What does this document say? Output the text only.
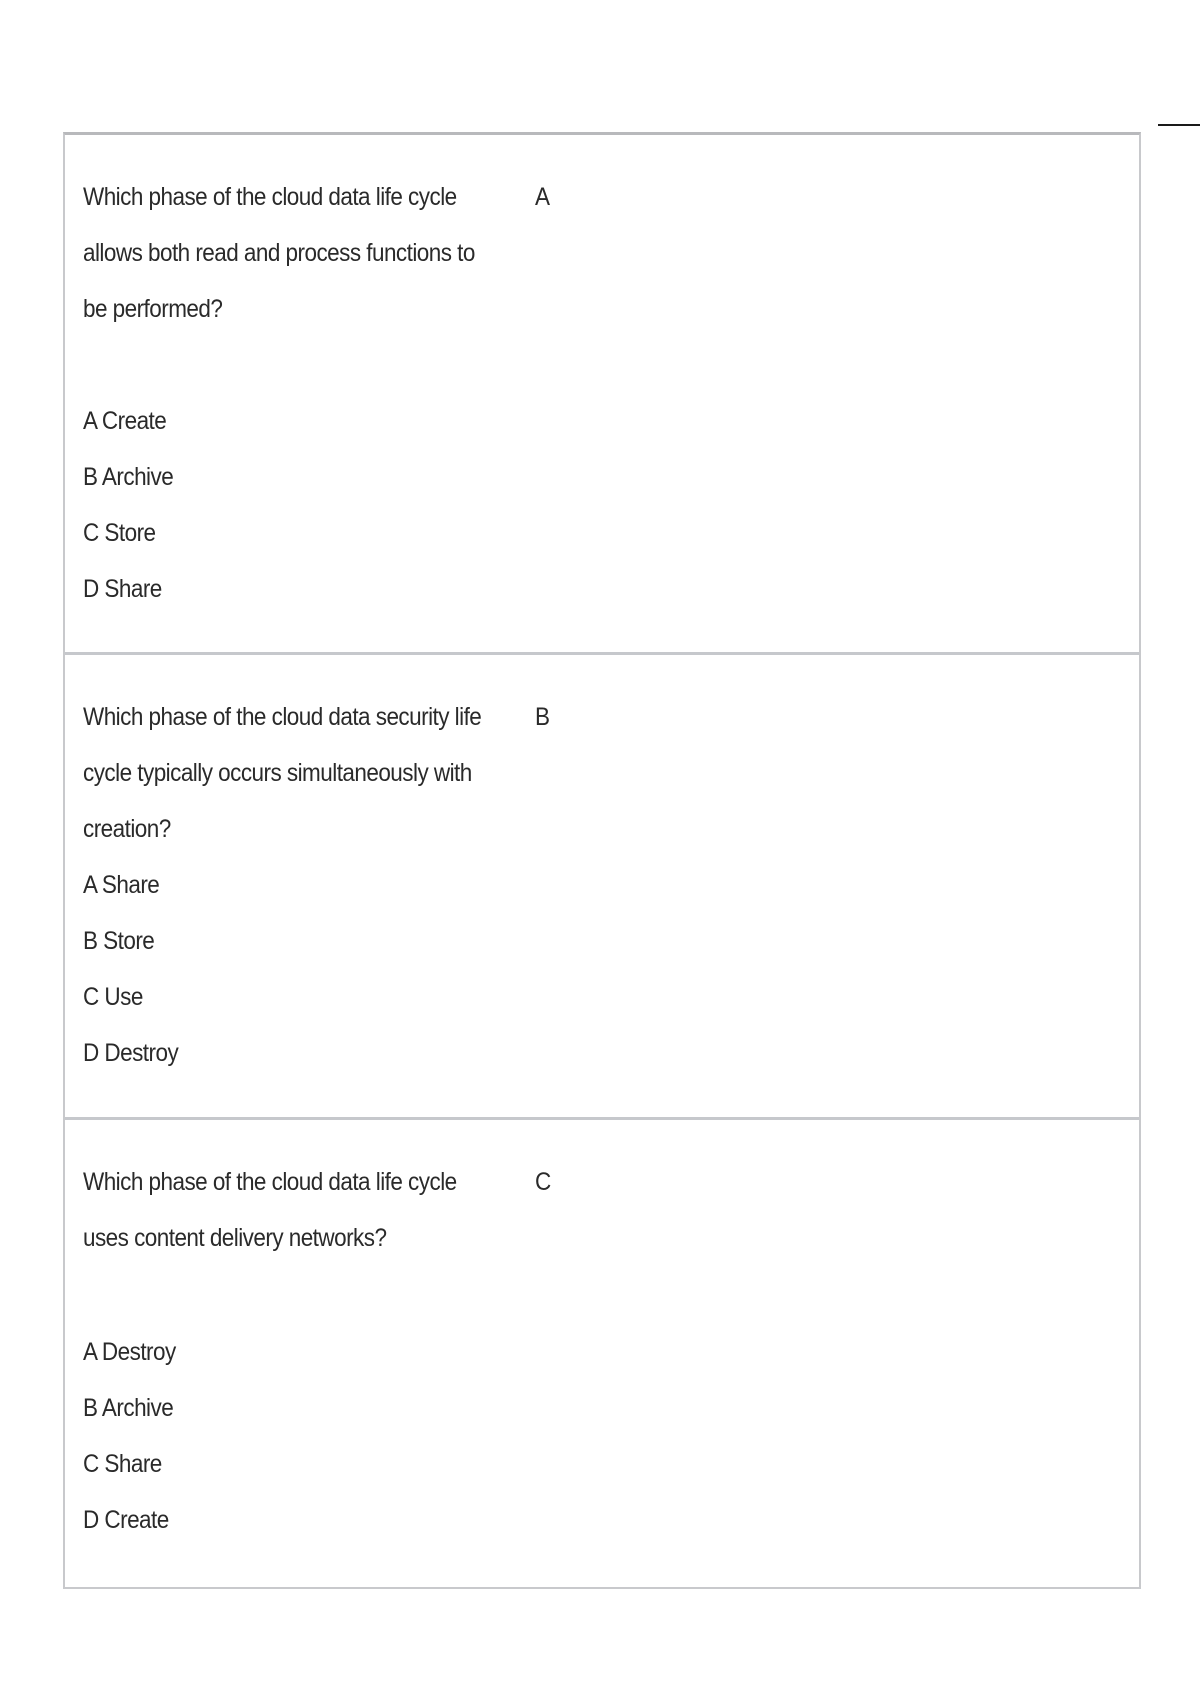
Which phase of the cloud data life cycle allows both read and process functions to be performed?
A
A Create
B Archive
C Store
D Share
Which phase of the cloud data security life cycle typically occurs simultaneously with creation?
B
A Share
B Store
C Use
D Destroy
Which phase of the cloud data life cycle uses content delivery networks?
C
A Destroy
B Archive
C Share
D Create
